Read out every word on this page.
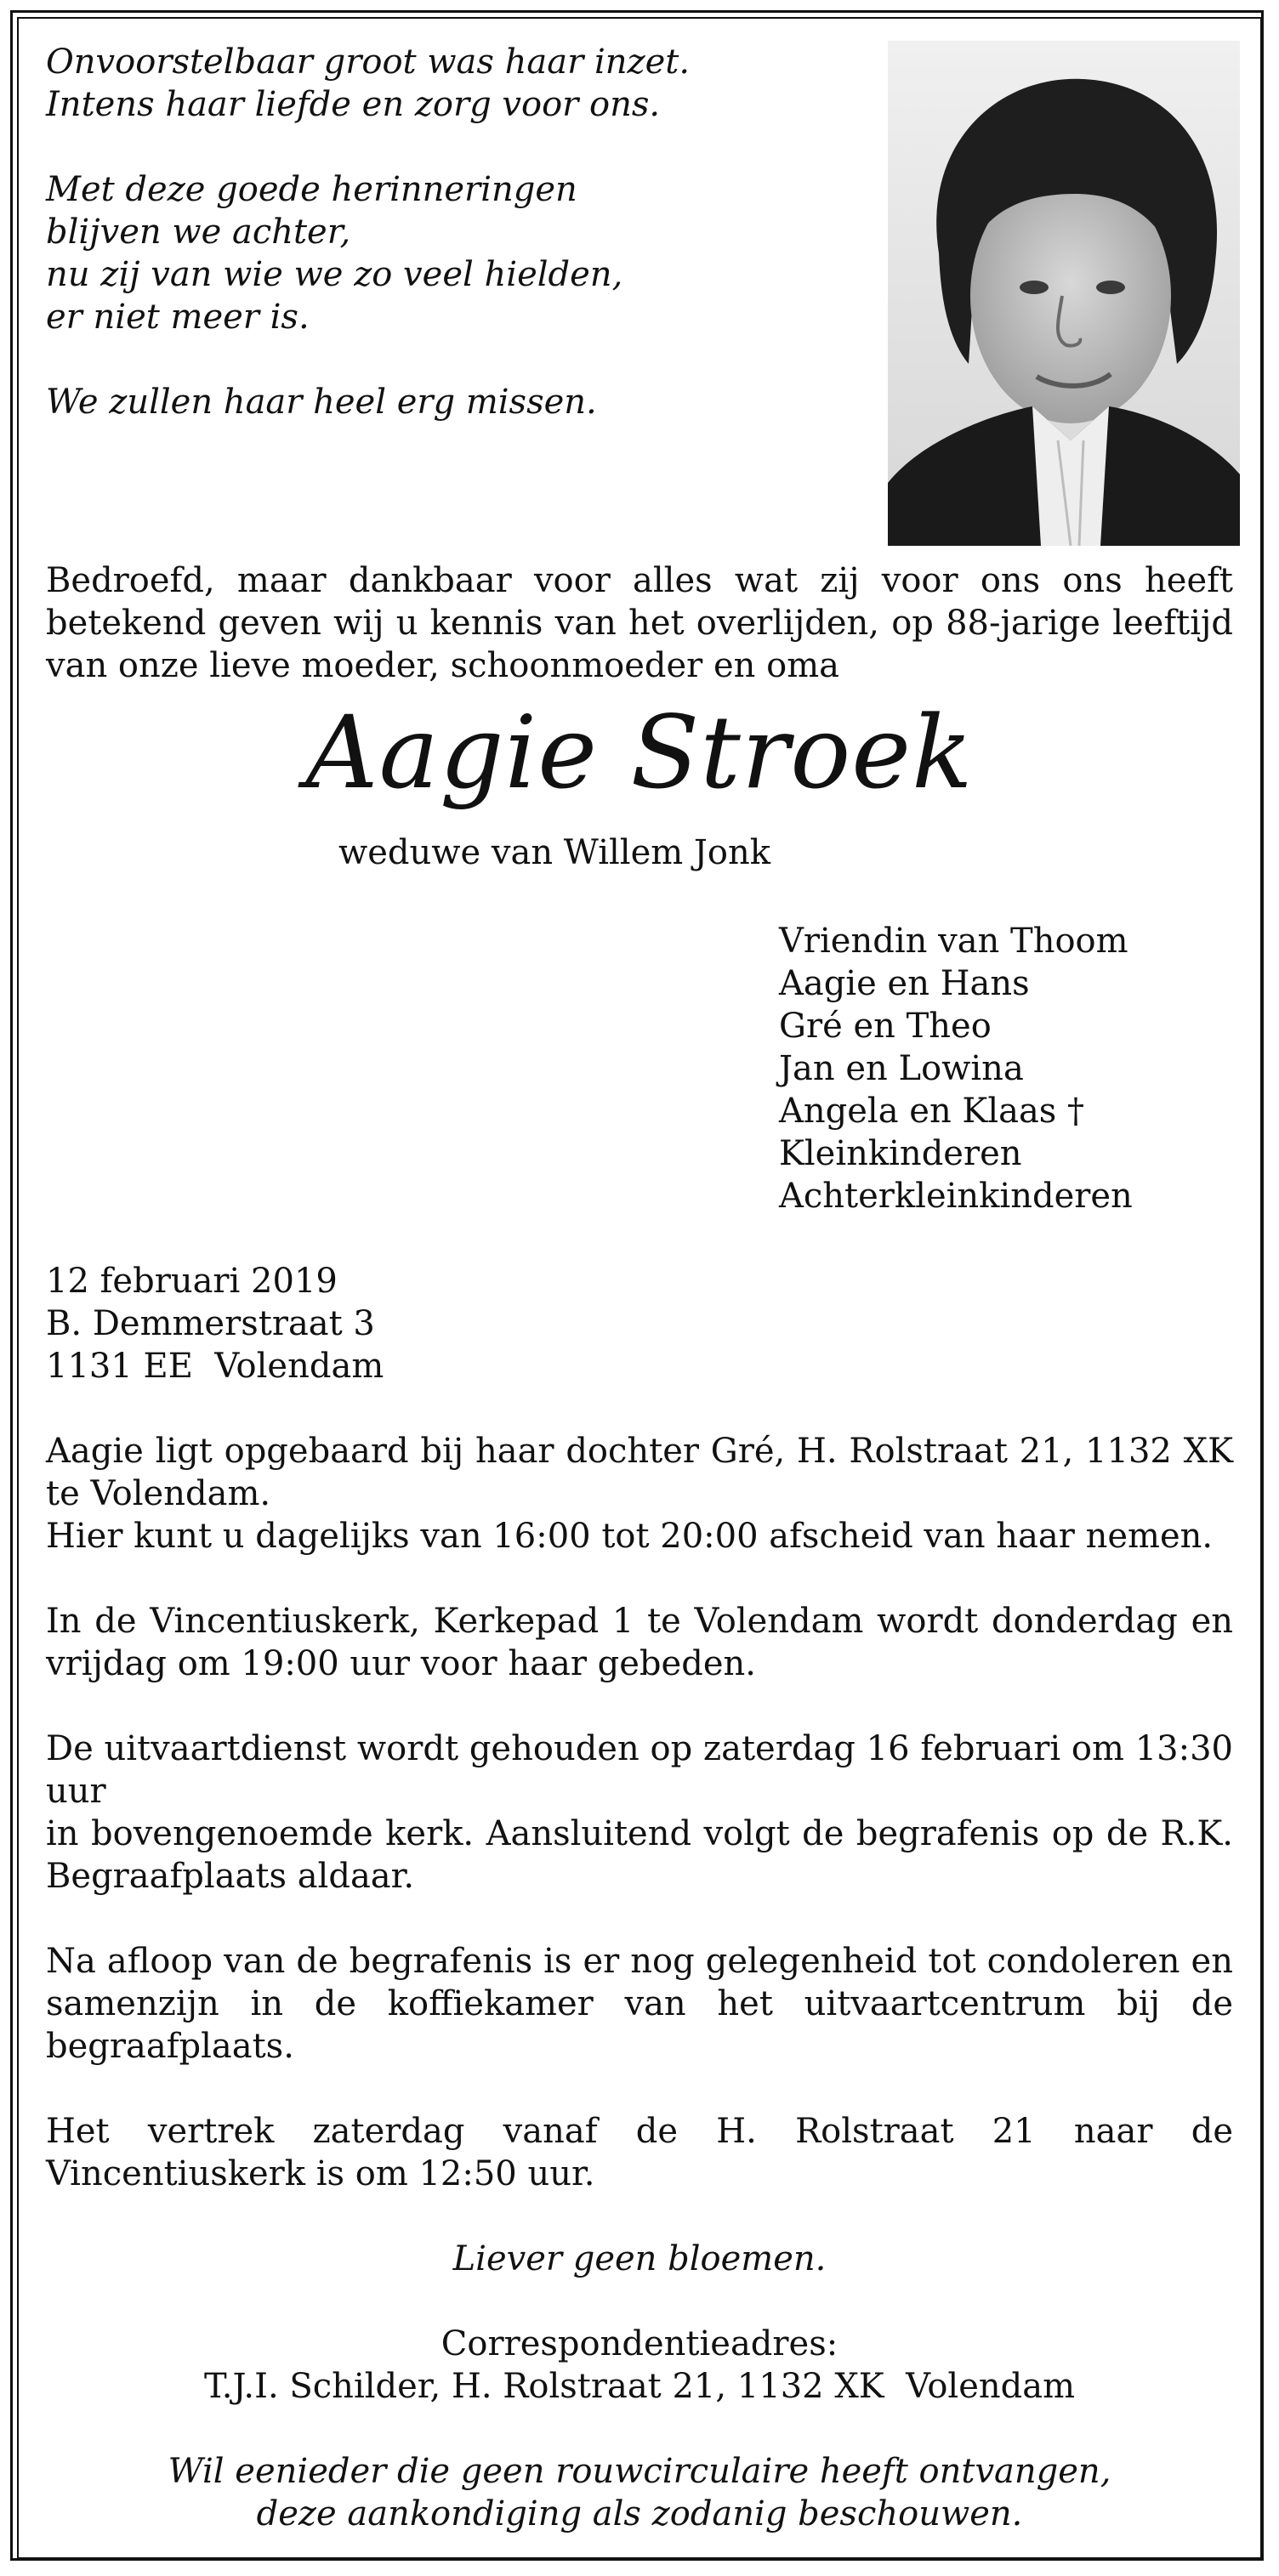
Onvoorstelbaar groot was haar inzet.

Intens haar liefde en zorg voor ons.

Met deze goede herinneringen

blijven we achter,

nu zij van wie we zo veel hielden,

er niet meer is.

We zullen haar heel erg missen.

Bedroefd, maar dankbaar voor alles wat zij voor ons ons heeft betekend geven wij u kennis van het overlijden, op 88-jarige leeftijd van onze lieve moeder, schoonmoeder en oma
Aagie Stroek
weduwe van Willem Jonk
Vriendin van Thoom
Aagie en Hans
Gré en Theo
Jan en Lowina
Angela en Klaas †
Kleinkinderen
Achterkleinkinderen
12 februari 2019
B. Demmerstraat 3
1131 EE  Volendam
Aagie ligt opgebaard bij haar dochter Gré, H. Rolstraat 21, 1132 XK te Volendam.
Hier kunt u dagelijks van 16:00 tot 20:00 afscheid van haar nemen.
In de Vincentiuskerk, Kerkepad 1 te Volendam wordt donderdag en vrijdag om 19:00 uur voor haar gebeden.
De uitvaartdienst wordt gehouden op zaterdag 16 februari om 13:30 uur
in bovengenoemde kerk. Aansluitend volgt de begrafenis op de R.K. Begraafplaats aldaar.
Na afloop van de begrafenis is er nog gelegenheid tot condoleren en samenzijn in de koffiekamer van het uitvaartcentrum bij de begraafplaats.
Het vertrek zaterdag vanaf de H. Rolstraat 21 naar de Vincentiuskerk is om 12:50 uur.
Liever geen bloemen.
Correspondentieadres:
T.J.I. Schilder, H. Rolstraat 21, 1132 XK  Volendam
Wil eenieder die geen rouwcirculaire heeft ontvangen,
deze aankondiging als zodanig beschouwen.
